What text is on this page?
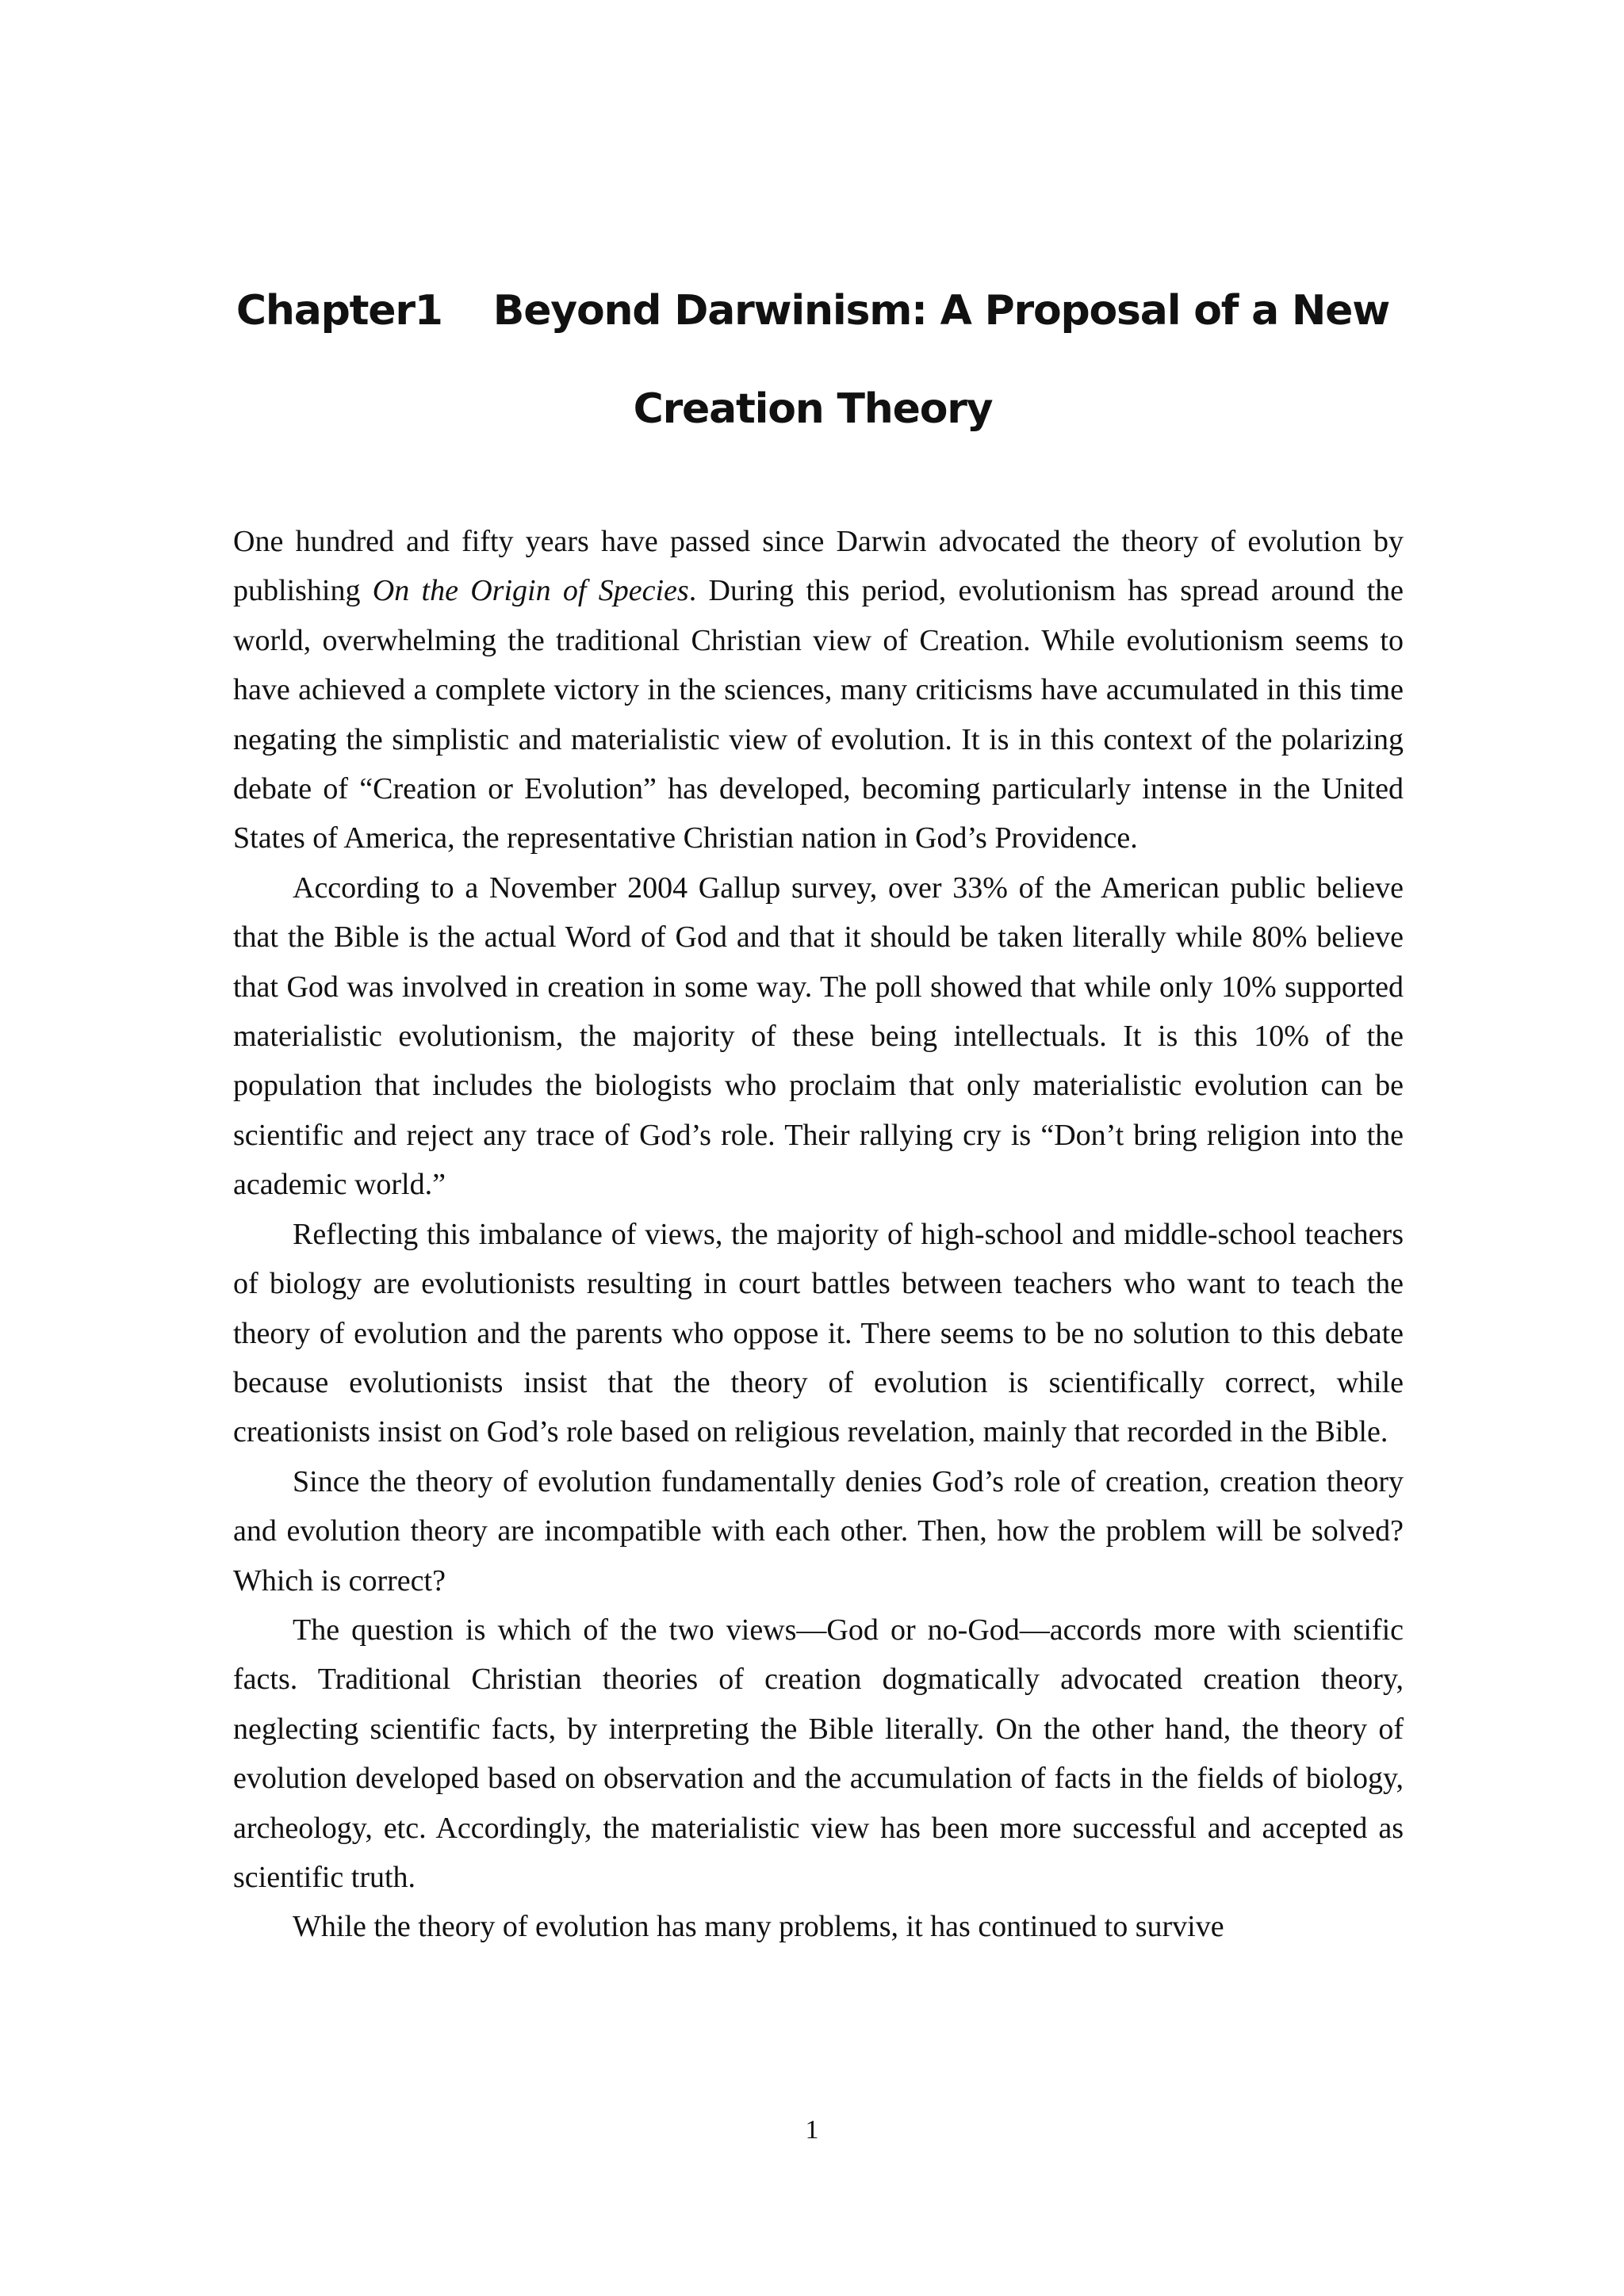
Chapter1 Beyond Darwinism: A Proposal of a New Creation Theory

One hundred and fifty years have passed since Darwin advocated the theory of evolution by publishing On the Origin of Species. During this period, evolutionism has spread around the world, overwhelming the traditional Christian view of Creation. While evolutionism seems to have achieved a complete victory in the sciences, many criticisms have accumulated in this time negating the simplistic and materialistic view of evolution. It is in this context of the polarizing debate of “Creation or Evolution” has developed, becoming particularly intense in the United States of America, the representative Christian nation in God’s Providence.

According to a November 2004 Gallup survey, over 33% of the American public believe that the Bible is the actual Word of God and that it should be taken literally while 80% believe that God was involved in creation in some way. The poll showed that while only 10% supported materialistic evolutionism, the majority of these being intellectuals. It is this 10% of the population that includes the biologists who proclaim that only materialistic evolution can be scientific and reject any trace of God’s role. Their rallying cry is “Don’t bring religion into the academic world.”

Reflecting this imbalance of views, the majority of high-school and middle-school teachers of biology are evolutionists resulting in court battles between teachers who want to teach the theory of evolution and the parents who oppose it. There seems to be no solution to this debate because evolutionists insist that the theory of evolution is scientifically correct, while creationists insist on God’s role based on religious revelation, mainly that recorded in the Bible.

Since the theory of evolution fundamentally denies God’s role of creation, creation theory and evolution theory are incompatible with each other. Then, how the problem will be solved? Which is correct?

The question is which of the two views—God or no-God—accords more with scientific facts. Traditional Christian theories of creation dogmatically advocated creation theory, neglecting scientific facts, by interpreting the Bible literally. On the other hand, the theory of evolution developed based on observation and the accumulation of facts in the fields of biology, archeology, etc. Accordingly, the materialistic view has been more successful and accepted as scientific truth.

While the theory of evolution has many problems, it has continued to survive

1
